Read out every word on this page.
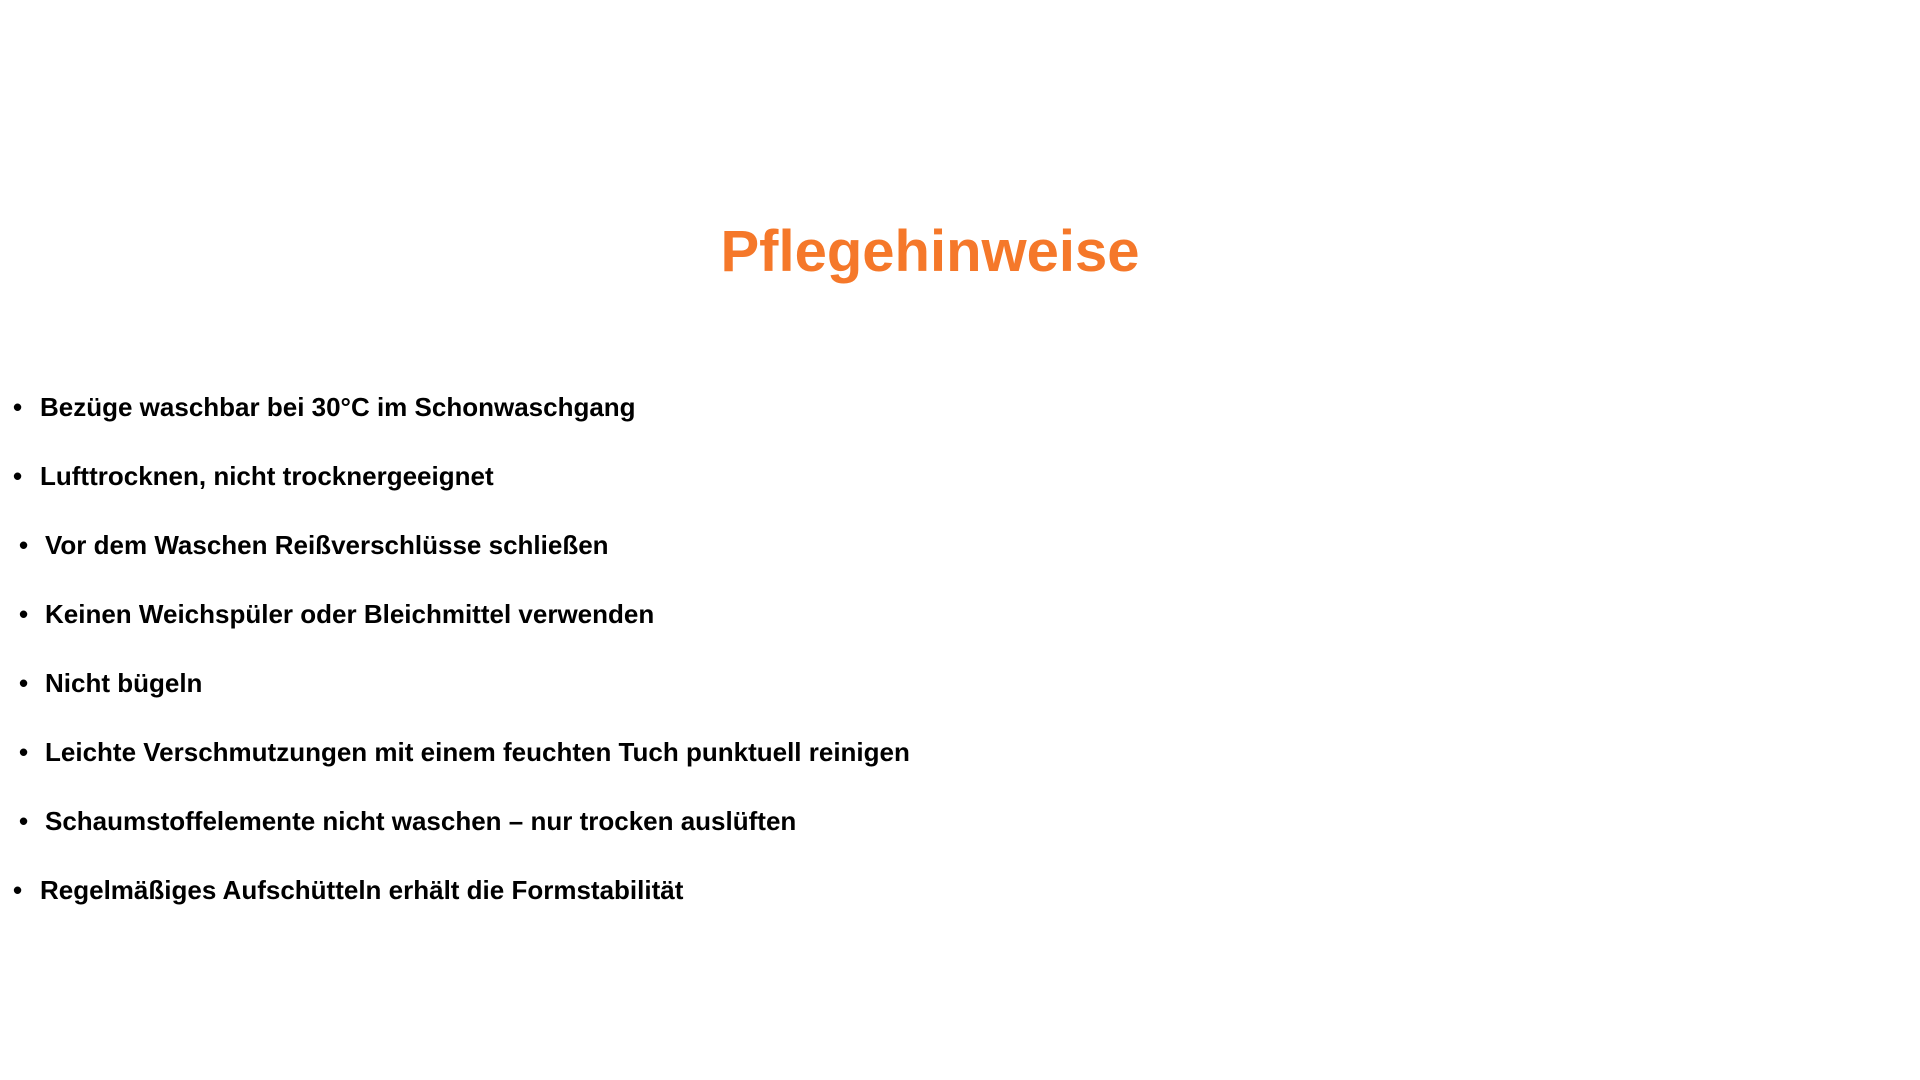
Pflegehinweise
• Bezüge waschbar bei 30°C im Schonwaschgang
• Lufttrocknen, nicht trocknergeeignet
• Vor dem Waschen Reißverschlüsse schließen
• Keinen Weichspüler oder Bleichmittel verwenden
• Nicht bügeln
• Leichte Verschmutzungen mit einem feuchten Tuch punktuell reinigen
• Schaumstoffelemente nicht waschen – nur trocken auslüften
• Regelmäßiges Aufschütteln erhält die Formstabilität
